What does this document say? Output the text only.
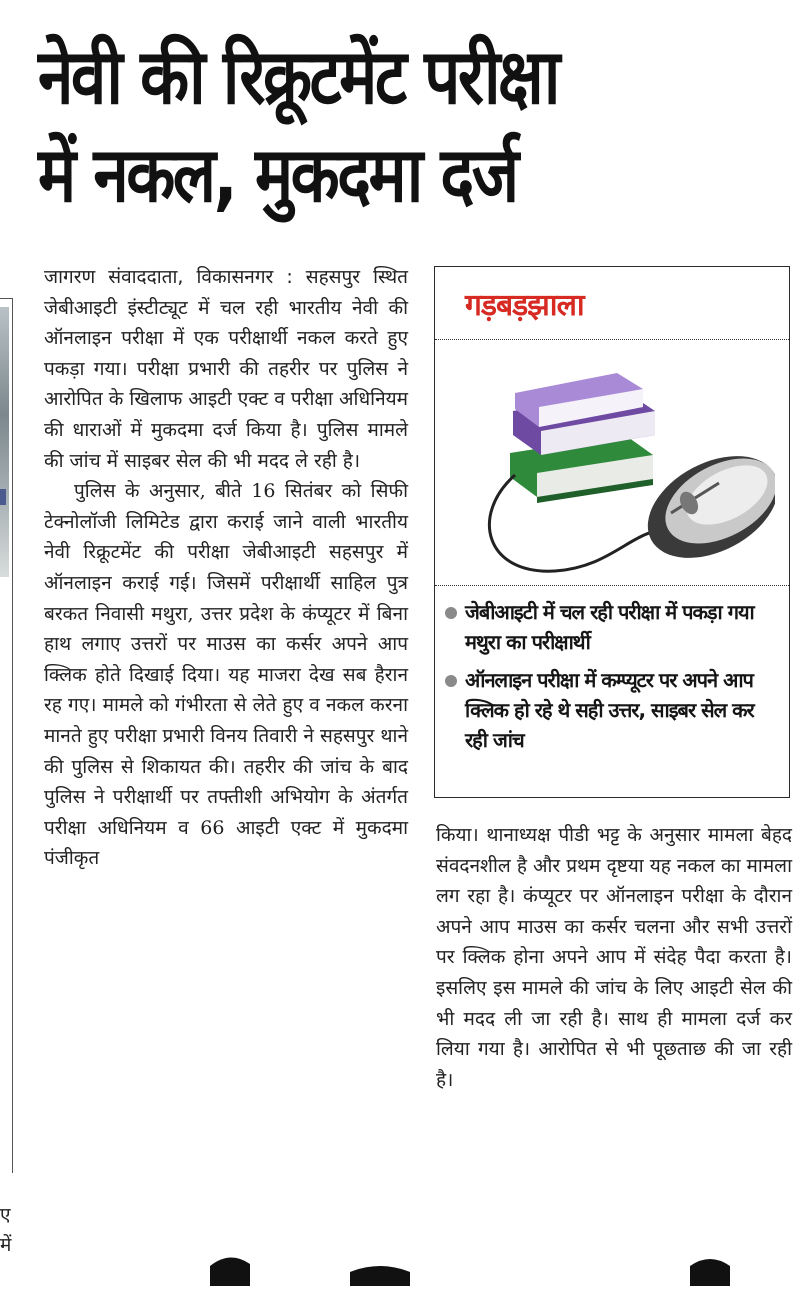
नेवी की रिक्रूटमेंट परीक्षा
में नकल, मुकदमा दर्ज
ए
में

जागरण संवाददाता, विकासनगर : सहसपुर स्थित जेबीआइटी इंस्टीट्यूट में चल रही भारतीय नेवी की ऑनलाइन परीक्षा में एक परीक्षार्थी नकल करते हुए पकड़ा गया। परीक्षा प्रभारी की तहरीर पर पुलिस ने आरोपित के खिलाफ आइटी एक्ट व परीक्षा अधिनियम की धाराओं में मुकदमा दर्ज किया है। पुलिस मामले की जांच में साइबर सेल की भी मदद ले रही है।

पुलिस के अनुसार, बीते 16 सितंबर को सिफी टेक्नोलॉजी लिमिटेड द्वारा कराई जाने वाली भारतीय नेवी रिक्रूटमेंट की परीक्षा जेबीआइटी सहसपुर में ऑनलाइन कराई गई। जिसमें परीक्षार्थी साहिल पुत्र बरकत निवासी मथुरा, उत्तर प्रदेश के कंप्यूटर में बिना हाथ लगाए उत्तरों पर माउस का कर्सर अपने आप क्लिक होते दिखाई दिया। यह माजरा देख सब हैरान रह गए। मामले को गंभीरता से लेते हुए व नकल करना मानते हुए परीक्षा प्रभारी विनय तिवारी ने सहसपुर थाने की पुलिस से शिकायत की। तहरीर की जांच के बाद पुलिस ने परीक्षार्थी पर तफ्तीशी अभियोग के अंतर्गत परीक्षा अधिनियम व 66 आइटी एक्ट में मुकदमा पंजीकृत

गड़बड़झाला
जेबीआइटी में चल रही परीक्षा में पकड़ा गया मथुरा का परीक्षार्थी
ऑनलाइन परीक्षा में कम्प्यूटर पर अपने आप क्लिक हो रहे थे सही उत्तर, साइबर सेल कर रही जांच

किया। थानाध्यक्ष पीडी भट्ट के अनुसार मामला बेहद संवदनशील है और प्रथम दृष्टया यह नकल का मामला लग रहा है। कंप्यूटर पर ऑनलाइन परीक्षा के दौरान अपने आप माउस का कर्सर चलना और सभी उत्तरों पर क्लिक होना अपने आप में संदेह पैदा करता है। इसलिए इस मामले की जांच के लिए आइटी सेल की भी मदद ली जा रही है। साथ ही मामला दर्ज कर लिया गया है। आरोपित से भी पूछताछ की जा रही है।
